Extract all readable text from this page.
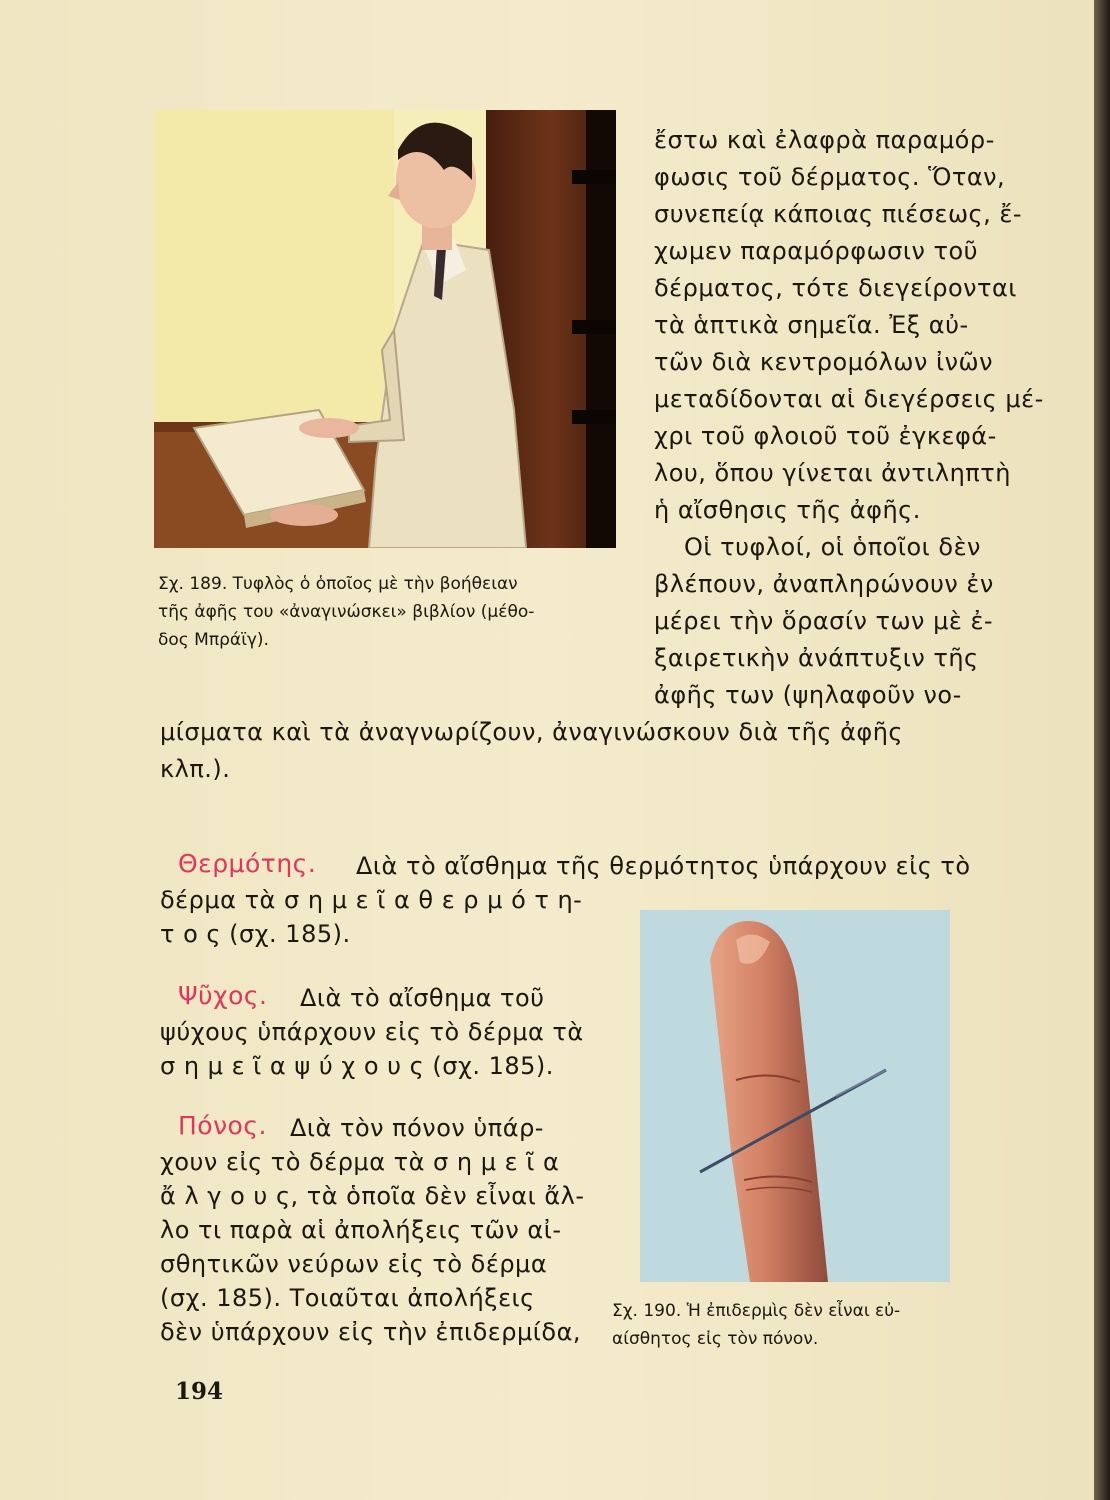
Σχ. 189. Τυφλὸς ὁ ὁποῖος μὲ τὴν βοήθειαν
τῆς ἀφῆς του «ἀναγινώσκει» βιβλίον (μέθο-
δος Μπράϊγ).
ἔστω καὶ ἐλαφρὰ παραμόρ-
φωσις τοῦ δέρματος. Ὅταν,
συνεπείᾳ κάποιας πιέσεως, ἔ-
χωμεν παραμόρφωσιν τοῦ
δέρματος, τότε διεγείρονται
τὰ ἁπτικὰ σημεῖα. Ἐξ αὐ-
τῶν διὰ κεντρομόλων ἰνῶν
μεταδίδονται αἱ διεγέρσεις μέ-
χρι τοῦ φλοιοῦ τοῦ ἐγκεφά-
λου, ὅπου γίνεται ἀντιληπτὴ
ἡ αἴσθησις τῆς ἀφῆς.
Οἱ τυφλοί, οἱ ὁποῖοι δὲν
βλέπουν, ἀναπληρώνουν ἐν
μέρει τὴν ὅρασίν των μὲ ἐ-
ξαιρετικὴν ἀνάπτυξιν τῆς
ἀφῆς των (ψηλαφοῦν νο-
μίσματα καὶ τὰ ἀναγνωρίζουν, ἀναγινώσκουν διὰ τῆς ἀφῆς
κλπ.).
Θερμότης. Διὰ τὸ αἴσθημα τῆς θερμότητος ὑπάρχουν εἰς τὸ
δέρμα τὰ σ η μ ε ῖ α θ ε ρ μ ό τ η-
τ ο ς (σχ. 185).
Ψῦχος. Διὰ τὸ αἴσθημα τοῦ
ψύχους ὑπάρχουν εἰς τὸ δέρμα τὰ
σ η μ ε ῖ α ψ ύ χ ο υ ς (σχ. 185).
Πόνος. Διὰ τὸν πόνον ὑπάρ-
χουν εἰς τὸ δέρμα τὰ σ η μ ε ῖ α
ἄ λ γ ο υ ς, τὰ ὁποῖα δὲν εἶναι ἄλ-
λο τι παρὰ αἱ ἀπολήξεις τῶν αἰ-
σθητικῶν νεύρων εἰς τὸ δέρμα
(σχ. 185). Τοιαῦται ἀπολήξεις
δὲν ὑπάρχουν εἰς τὴν ἐπιδερμίδα,
Σχ. 190. Ἡ ἐπιδερμὶς δὲν εἶναι εὐ-
αίσθητος εἰς τὸν πόνον.
194
